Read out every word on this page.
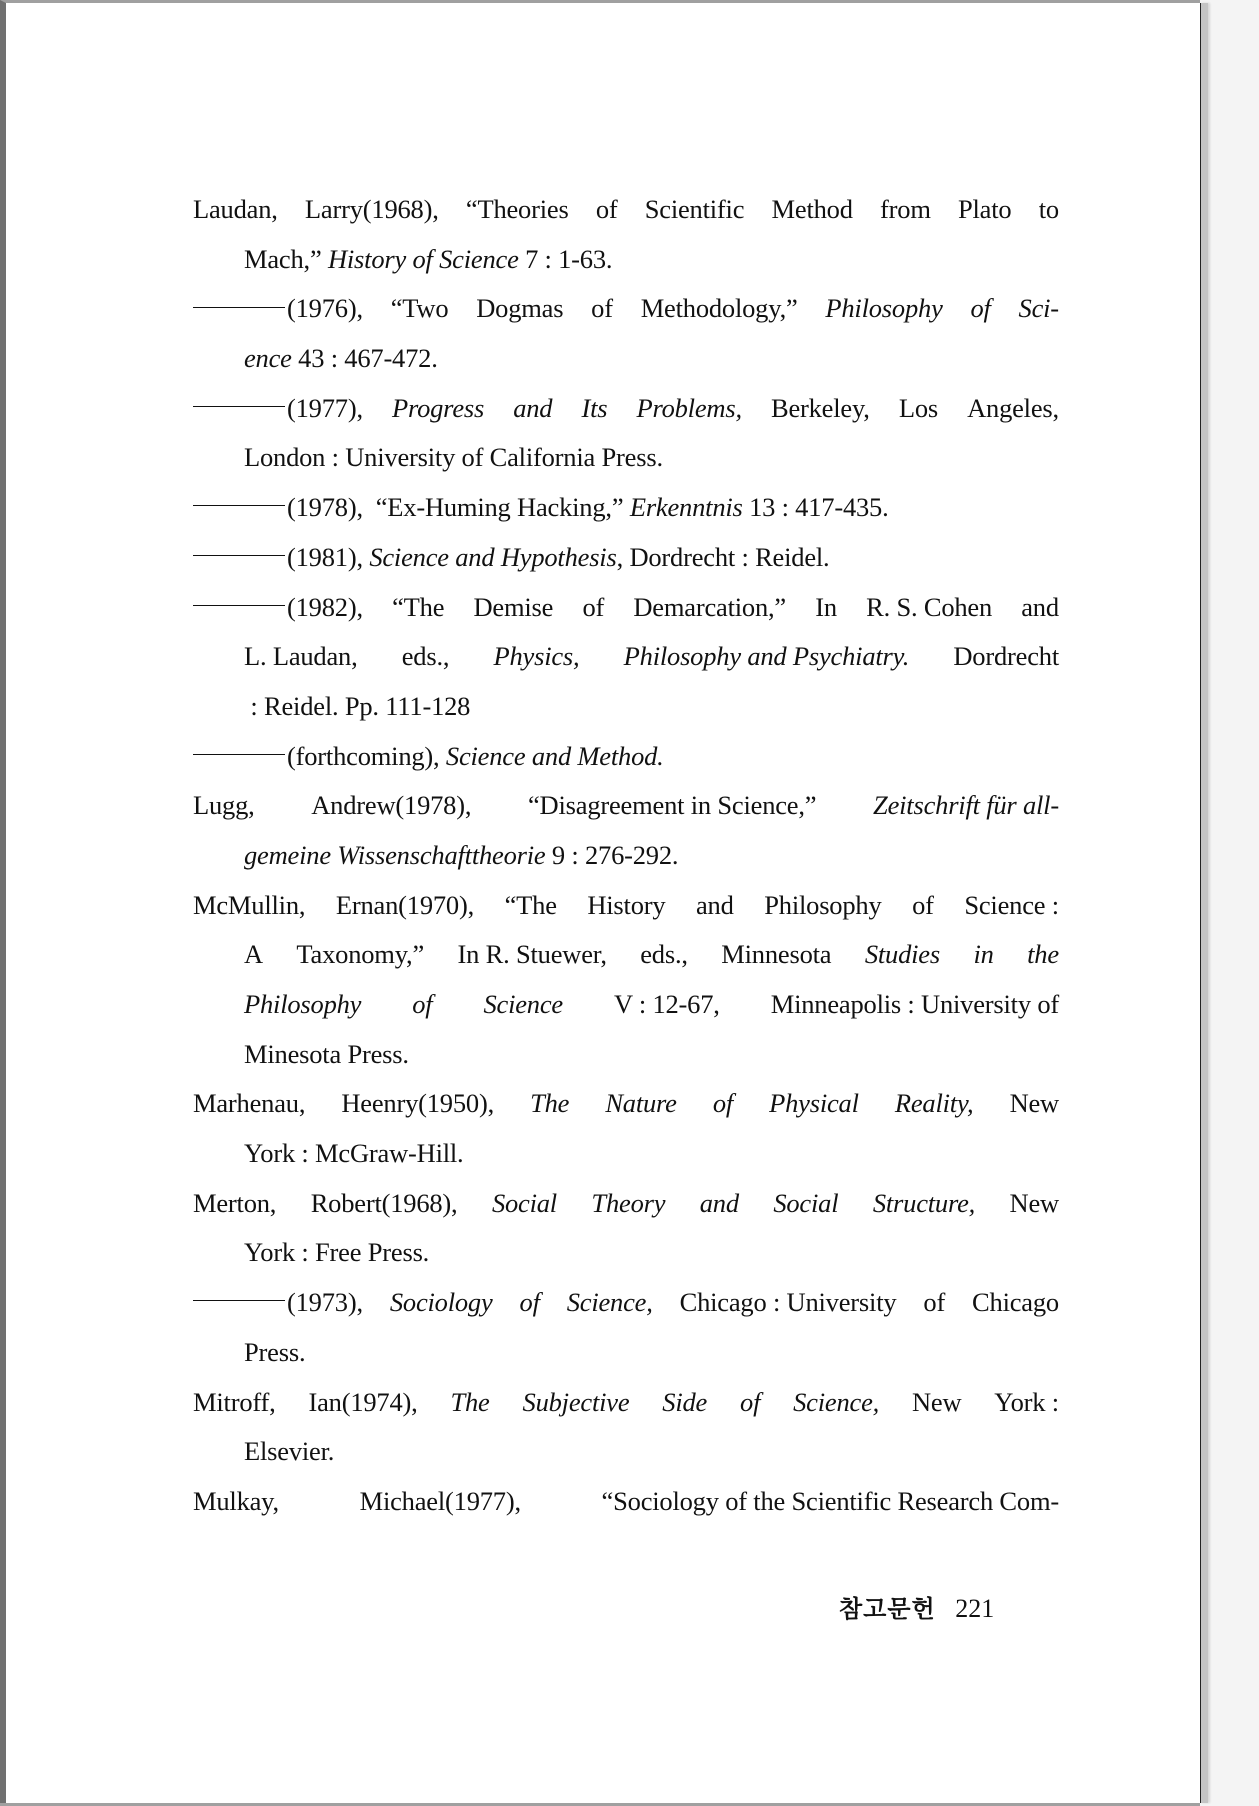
Laudan, Larry(1968), “Theories of Scientific Method from Plato to
Mach,” History of Science 7 : 1-63.
(1976), “Two Dogmas of Methodology,” Philosophy of Sci-
ence 43 : 467-472.
(1977), Progress and Its Problems, Berkeley, Los Angeles,
London : University of California Press.
(1978),  “Ex-Huming Hacking,” Erkenntnis 13 : 417-435.
(1981), Science and Hypothesis , Dordrecht : Reidel.
(1982), “The Demise of Demarcation,” In R. S. Cohen and
L. Laudan, eds., Physics, Philosophy and Psychiatry. Dordrecht
: Reidel. Pp. 111-128
(forthcoming), Science and Method.
Lugg, Andrew(1978), “Disagreement in Science,” Zeitschrift für all-
gemeine Wissenschafttheorie 9 : 276-292.
McMullin, Ernan(1970), “The History and Philosophy of Science :
A Taxonomy,” In R. Stuewer, eds., Minnesota Studies in the
Philosophy of Science V : 12-67, Minneapolis : University of
Minesota Press.
Marhenau, Heenry(1950), The Nature of Physical Reality, New
York : McGraw-Hill.
Merton, Robert(1968), Social Theory and Social Structure, New
York : Free Press.
(1973), Sociology of Science, Chicago : University of Chicago
Press.
Mitroff, Ian(1974), The Subjective Side of Science, New York :
Elsevier.
Mulkay,	Michael(1977),	“Sociology of the Scientific Research Com-
참고문헌 221
